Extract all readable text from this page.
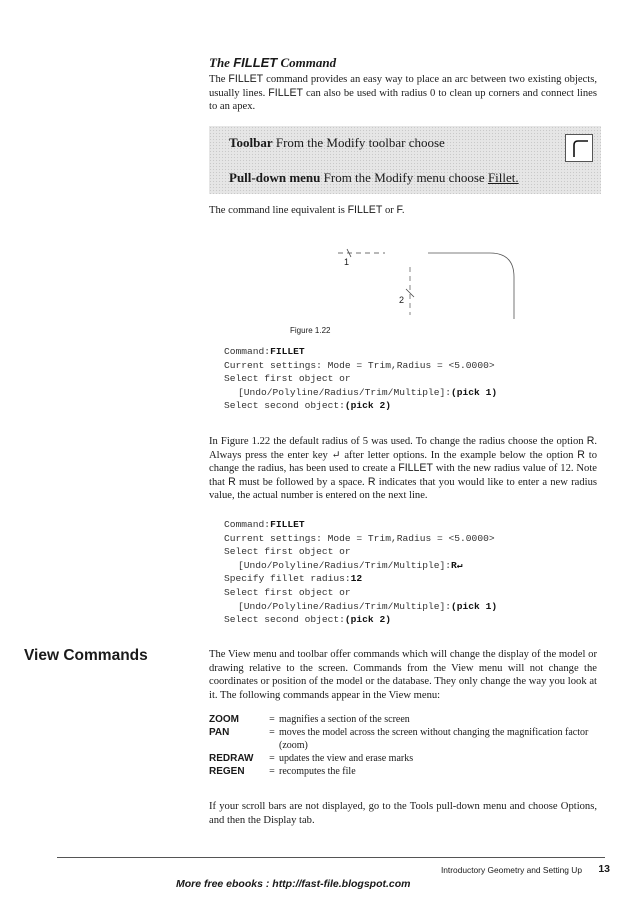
The FILLET Command
The FILLET command provides an easy way to place an arc between two existing objects, usually lines. FILLET can also be used with radius 0 to clean up corners and connect lines to an apex.
Toolbar From the Modify toolbar choose
Pull-down menu From the Modify menu choose Fillet.
The command line equivalent is FILLET or F.
1
2
Figure 1.22
Command:FILLET
Current settings: Mode = Trim,Radius = <5.0000>
Select first object or
[Undo/Polyline/Radius/Trim/Multiple]:(pick 1)
Select second object:(pick 2)
In Figure 1.22 the default radius of 5 was used. To change the radius choose the option R. Always press the enter key ↵ after letter options. In the example below the option R to change the radius, has been used to create a FILLET with the new radius value of 12. Note that R must be followed by a space. R indicates that you would like to enter a new radius value, the actual number is entered on the next line.
Command:FILLET
Current settings: Mode = Trim,Radius = <5.0000>
Select first object or
[Undo/Polyline/Radius/Trim/Multiple]:R↵
Specify fillet radius:12
Select first object or
[Undo/Polyline/Radius/Trim/Multiple]:(pick 1)
Select second object:(pick 2)
View Commands	The View menu and toolbar offer commands which will change the display of the model or drawing relative to the screen. Commands from the View menu will not change the coordinates or position of the model or the database. They only change the way you look at it. The following commands appear in the View menu:
ZOOM	= magnifies a section of the screen
PAN	= moves the model across the screen without changing the magnification factor (zoom)
REDRAW	= updates the view and erase marks
REGEN	= recomputes the file
If your scroll bars are not displayed, go to the Tools pull-down menu and choose Options, and then the Display tab.
Introductory Geometry and Setting Up 13
More free ebooks : http://fast-file.blogspot.com
